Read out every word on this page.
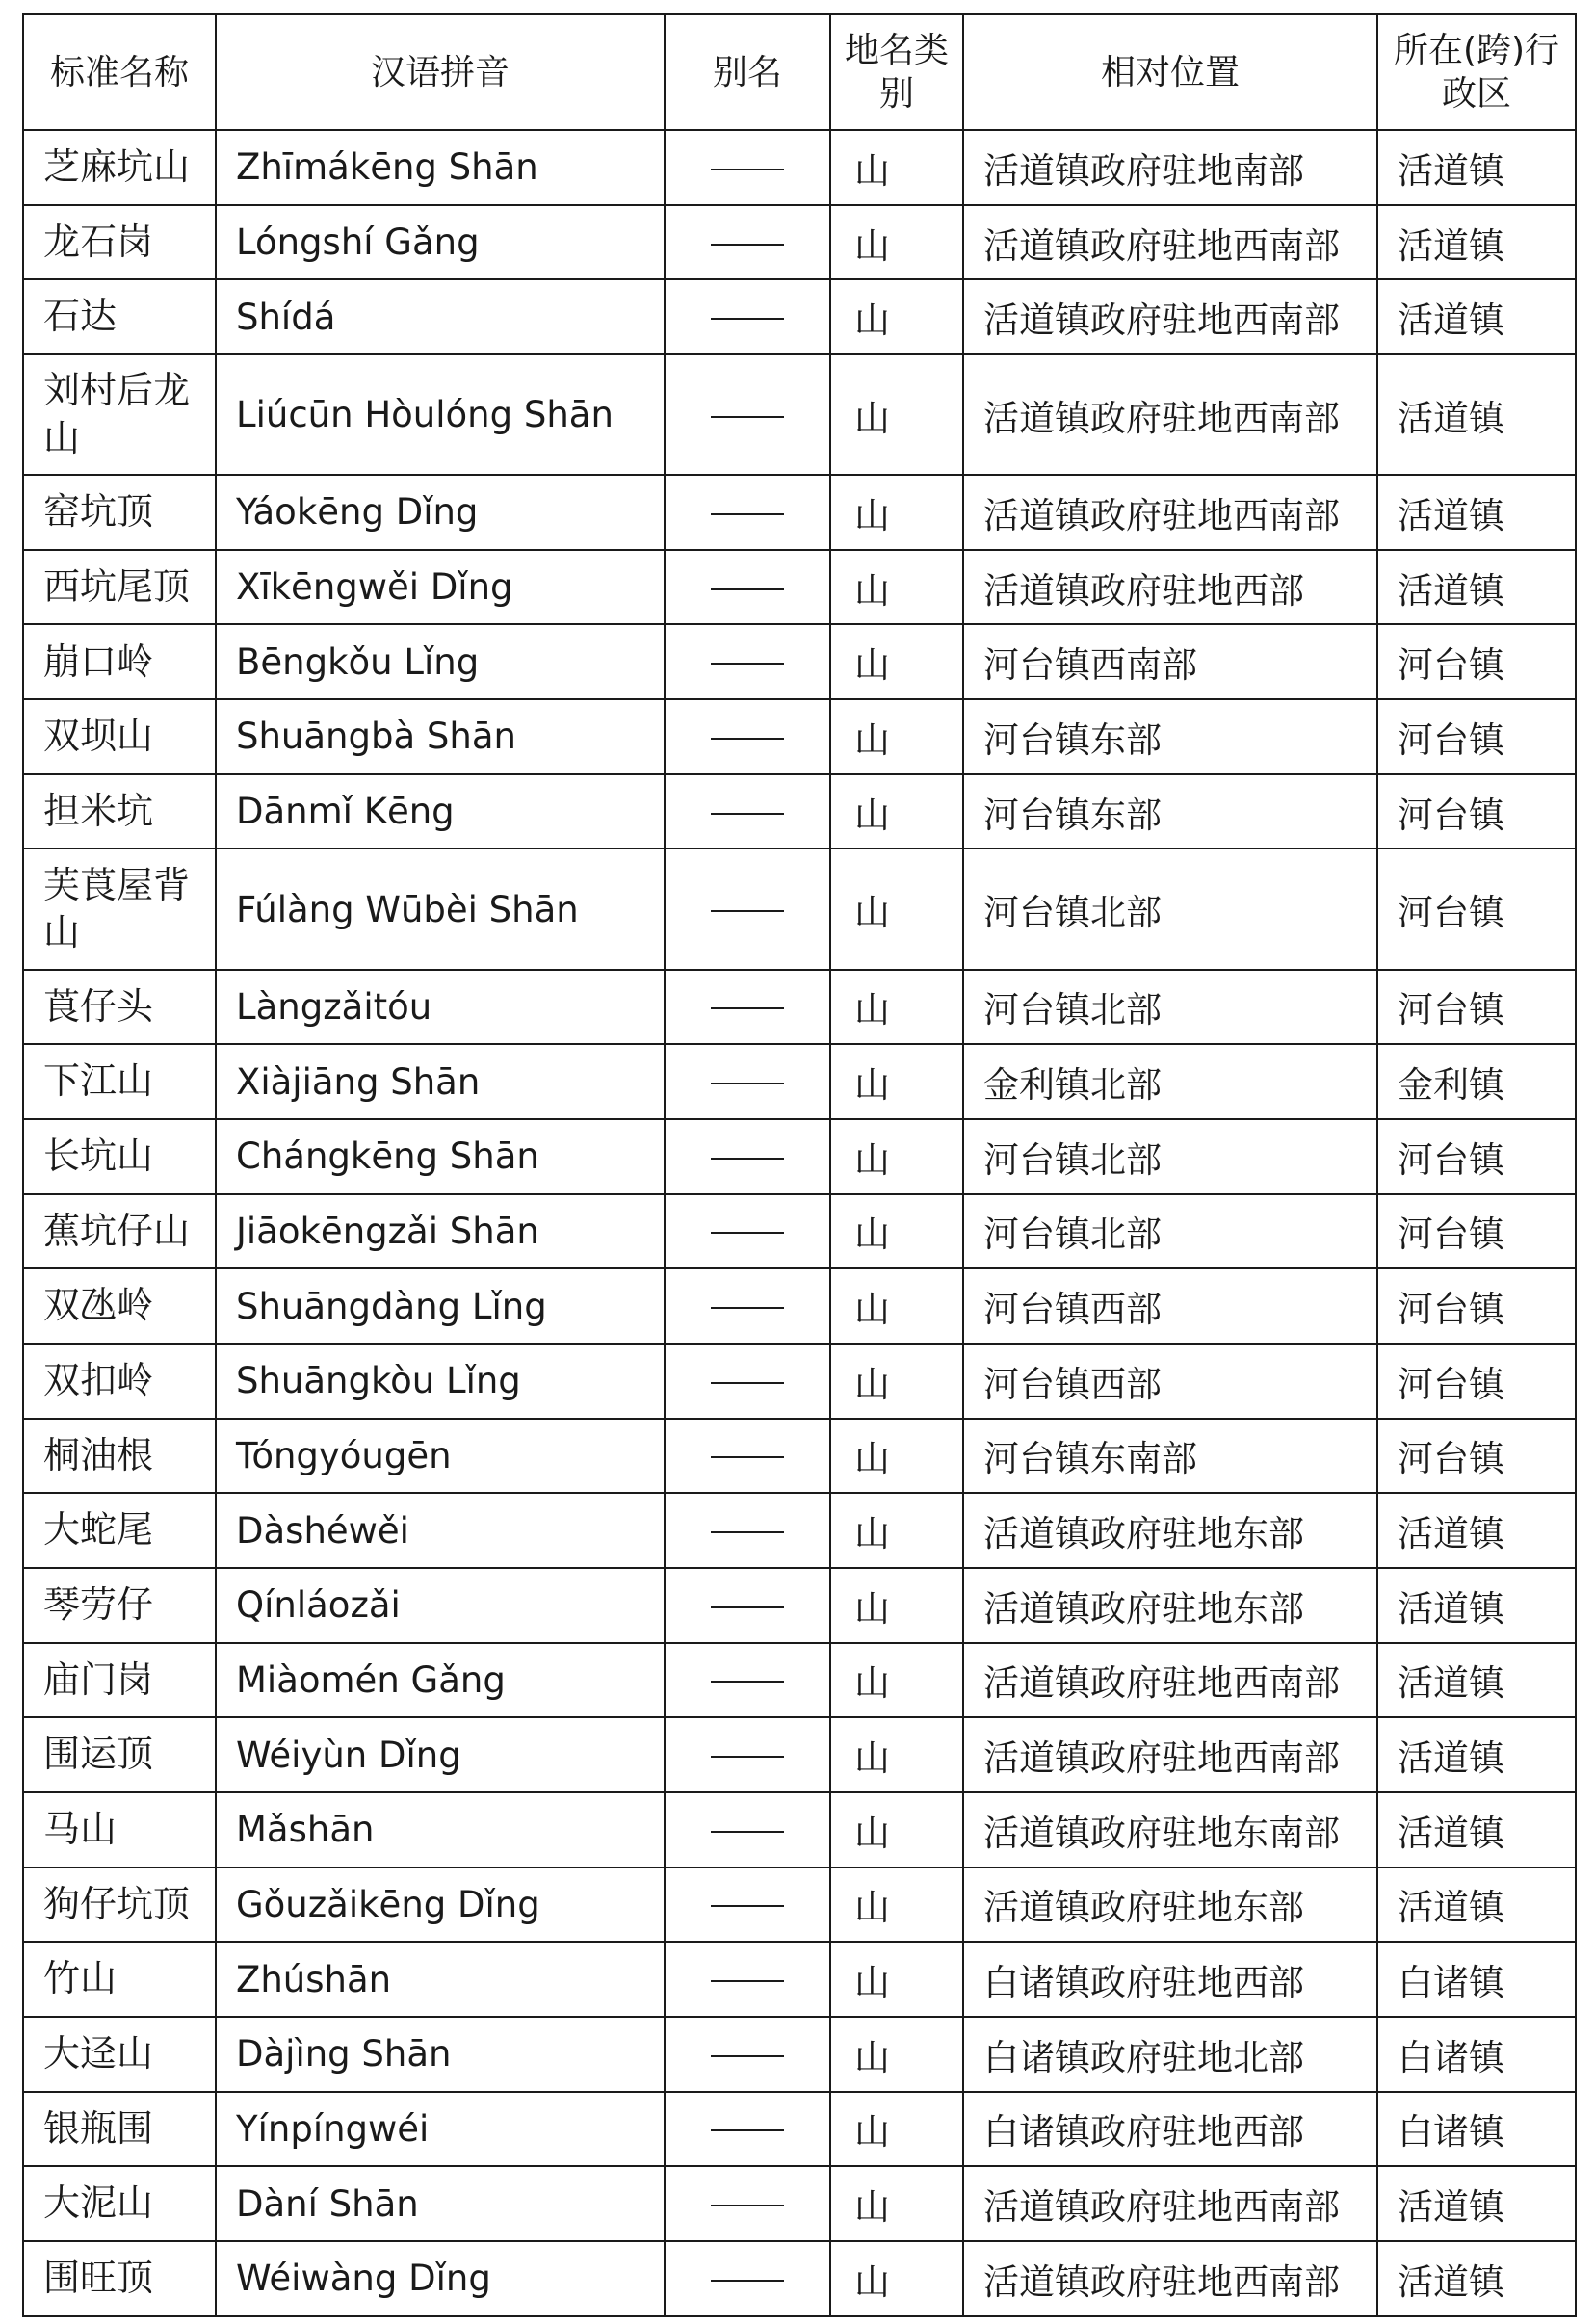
标准名称	汉语拼音	别名	地名类别	相对位置	所在(跨)行政区
芝麻坑山	Zhīmákēng Shān		山	活道镇政府驻地南部	活道镇
龙石岗	Lóngshí Gǎng		山	活道镇政府驻地西南部	活道镇
石达	Shídá		山	活道镇政府驻地西南部	活道镇
刘村后龙山	Liúcūn Hòulóng Shān		山	活道镇政府驻地西南部	活道镇
窑坑顶	Yáokēng Dǐng		山	活道镇政府驻地西南部	活道镇
西坑尾顶	Xīkēngwěi Dǐng		山	活道镇政府驻地西部	活道镇
崩口岭	Bēngkǒu Lǐng		山	河台镇西南部	河台镇
双坝山	Shuāngbà Shān		山	河台镇东部	河台镇
担米坑	Dānmǐ Kēng		山	河台镇东部	河台镇
芙莨屋背山	Fúlàng Wūbèi Shān		山	河台镇北部	河台镇
莨仔头	Làngzǎitóu		山	河台镇北部	河台镇
下江山	Xiàjiāng Shān		山	金利镇北部	金利镇
长坑山	Chángkēng Shān		山	河台镇北部	河台镇
蕉坑仔山	Jiāokēngzǎi Shān		山	河台镇北部	河台镇
双氹岭	Shuāngdàng Lǐng		山	河台镇西部	河台镇
双扣岭	Shuāngkòu Lǐng		山	河台镇西部	河台镇
桐油根	Tóngyóugēn		山	河台镇东南部	河台镇
大蛇尾	Dàshéwěi		山	活道镇政府驻地东部	活道镇
琴劳仔	Qínláozǎi		山	活道镇政府驻地东部	活道镇
庙门岗	Miàomén Gǎng		山	活道镇政府驻地西南部	活道镇
围运顶	Wéiyùn Dǐng		山	活道镇政府驻地西南部	活道镇
马山	Mǎshān		山	活道镇政府驻地东南部	活道镇
狗仔坑顶	Gǒuzǎikēng Dǐng		山	活道镇政府驻地东部	活道镇
竹山	Zhúshān		山	白诸镇政府驻地西部	白诸镇
大迳山	Dàjìng Shān		山	白诸镇政府驻地北部	白诸镇
银瓶围	Yínpíngwéi		山	白诸镇政府驻地西部	白诸镇
大泥山	Dàní Shān		山	活道镇政府驻地西南部	活道镇
围旺顶	Wéiwàng Dǐng		山	活道镇政府驻地西南部	活道镇
